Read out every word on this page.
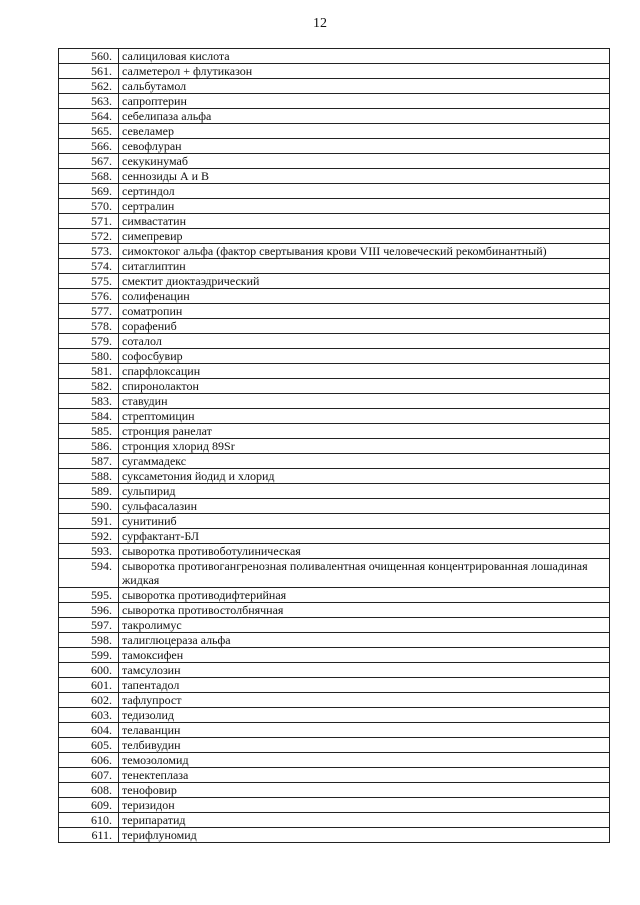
12
560.	салициловая кислота
561.	салметерол + флутиказон
562.	сальбутамол
563.	сапроптерин
564.	себелипаза альфа
565.	севеламер
566.	севофлуран
567.	секукинумаб
568.	сеннозиды А и В
569.	сертиндол
570.	сертралин
571.	симвастатин
572.	симепревир
573.	симоктоког альфа (фактор свертывания крови VIII человеческий рекомбинантный)
574.	ситаглиптин
575.	смектит диоктаэдрический
576.	солифенацин
577.	соматропин
578.	сорафениб
579.	соталол
580.	софосбувир
581.	спарфлоксацин
582.	спиронолактон
583.	ставудин
584.	стрептомицин
585.	стронция ранелат
586.	стронция хлорид 89Sr
587.	сугаммадекс
588.	суксаметония йодид и хлорид
589.	сульпирид
590.	сульфасалазин
591.	сунитиниб
592.	сурфактант-БЛ
593.	сыворотка противоботулиническая
594.	сыворотка противогангренозная поливалентная очищенная концентрированная лошадиная жидкая
595.	сыворотка противодифтерийная
596.	сыворотка противостолбнячная
597.	такролимус
598.	талиглюцераза альфа
599.	тамоксифен
600.	тамсулозин
601.	тапентадол
602.	тафлупрост
603.	тедизолид
604.	телаванцин
605.	телбивудин
606.	темозоломид
607.	тенектеплаза
608.	тенофовир
609.	теризидон
610.	терипаратид
611.	терифлуномид
